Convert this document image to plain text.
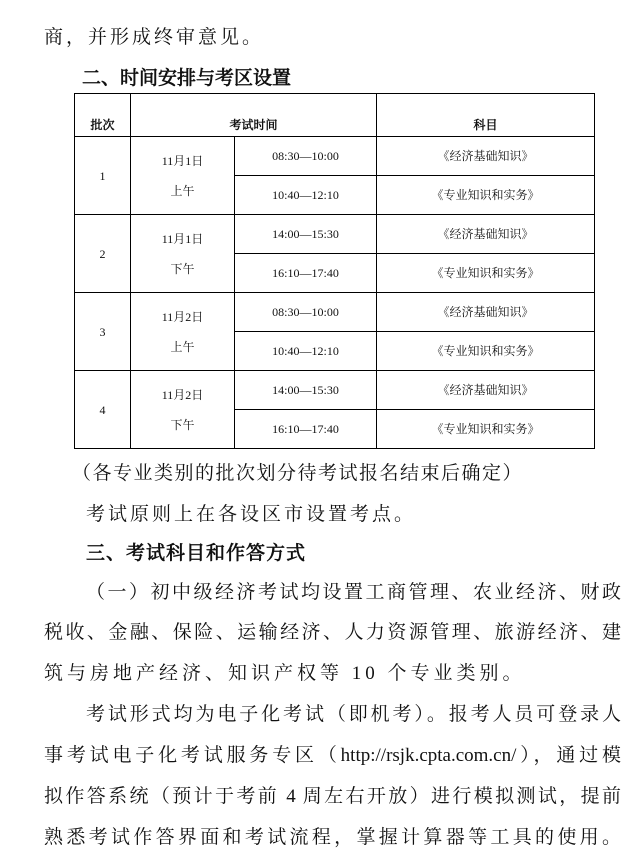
商，并形成终审意见。
二、时间安排与考区设置
批次	考试时间	科目
1	
11月1日
上午
	08:30—10:00	《经济基础知识》
10:40—12:10	《专业知识和实务》
2	
11月1日
下午
	14:00—15:30	《经济基础知识》
16:10—17:40	《专业知识和实务》
3	
11月2日
上午
	08:30—10:00	《经济基础知识》
10:40—12:10	《专业知识和实务》
4	
11月2日
下午
	14:00—15:30	《经济基础知识》
16:10—17:40	《专业知识和实务》
（各专业类别的批次划分待考试报名结束后确定）
考试原则上在各设区市设置考点。
三、考试科目和作答方式
（一）初中级经济考试均设置工商管理、农业经济、财政
税收、金融、保险、运输经济、人力资源管理、旅游经济、建
筑与房地产经济、知识产权等 10 个专业类别。
考试形式均为电子化考试（即机考）。报考人员可登录人
事考试电子化考试服务专区（http://rsjk.cpta.com.cn/），通过模
拟作答系统（预计于考前 4 周左右开放）进行模拟测试，提前
熟悉考试作答界面和考试流程，掌握计算器等工具的使用。
